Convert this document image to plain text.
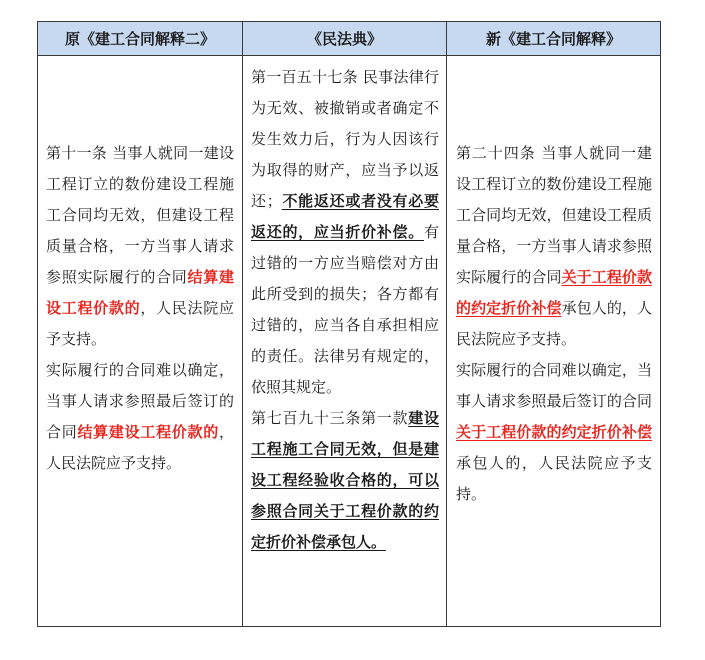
原《建工合同解释二》	《民法典》	新《建工合同解释》

第十一条 当事人就同一建设工程订立的数份建设工程施工合同均无效，但建设工程质量合格，一方当事人请求参照实际履行的合同结算建设工程价款的，人民法院应予支持。

实际履行的合同难以确定，当事人请求参照最后签订的合同结算建设工程价款的，人民法院应予支持。

第一百五十七条 民事法律行为无效、被撤销或者确定不发生效力后，行为人因该行为取得的财产，应当予以返还；不能返还或者没有必要返还的，应当折价补偿。有过错的一方应当赔偿对方由此所受到的损失；各方都有过错的，应当各自承担相应的责任。法律另有规定的，依照其规定。

第七百九十三条第一款建设工程施工合同无效，但是建设工程经验收合格的，可以参照合同关于工程价款的约定折价补偿承包人。

第二十四条 当事人就同一建设工程订立的数份建设工程施工合同均无效，但建设工程质量合格，一方当事人请求参照实际履行的合同关于工程价款的约定折价补偿承包人的，人民法院应予支持。

实际履行的合同难以确定，当事人请求参照最后签订的合同关于工程价款的约定折价补偿承包人的，人民法院应予支持。
